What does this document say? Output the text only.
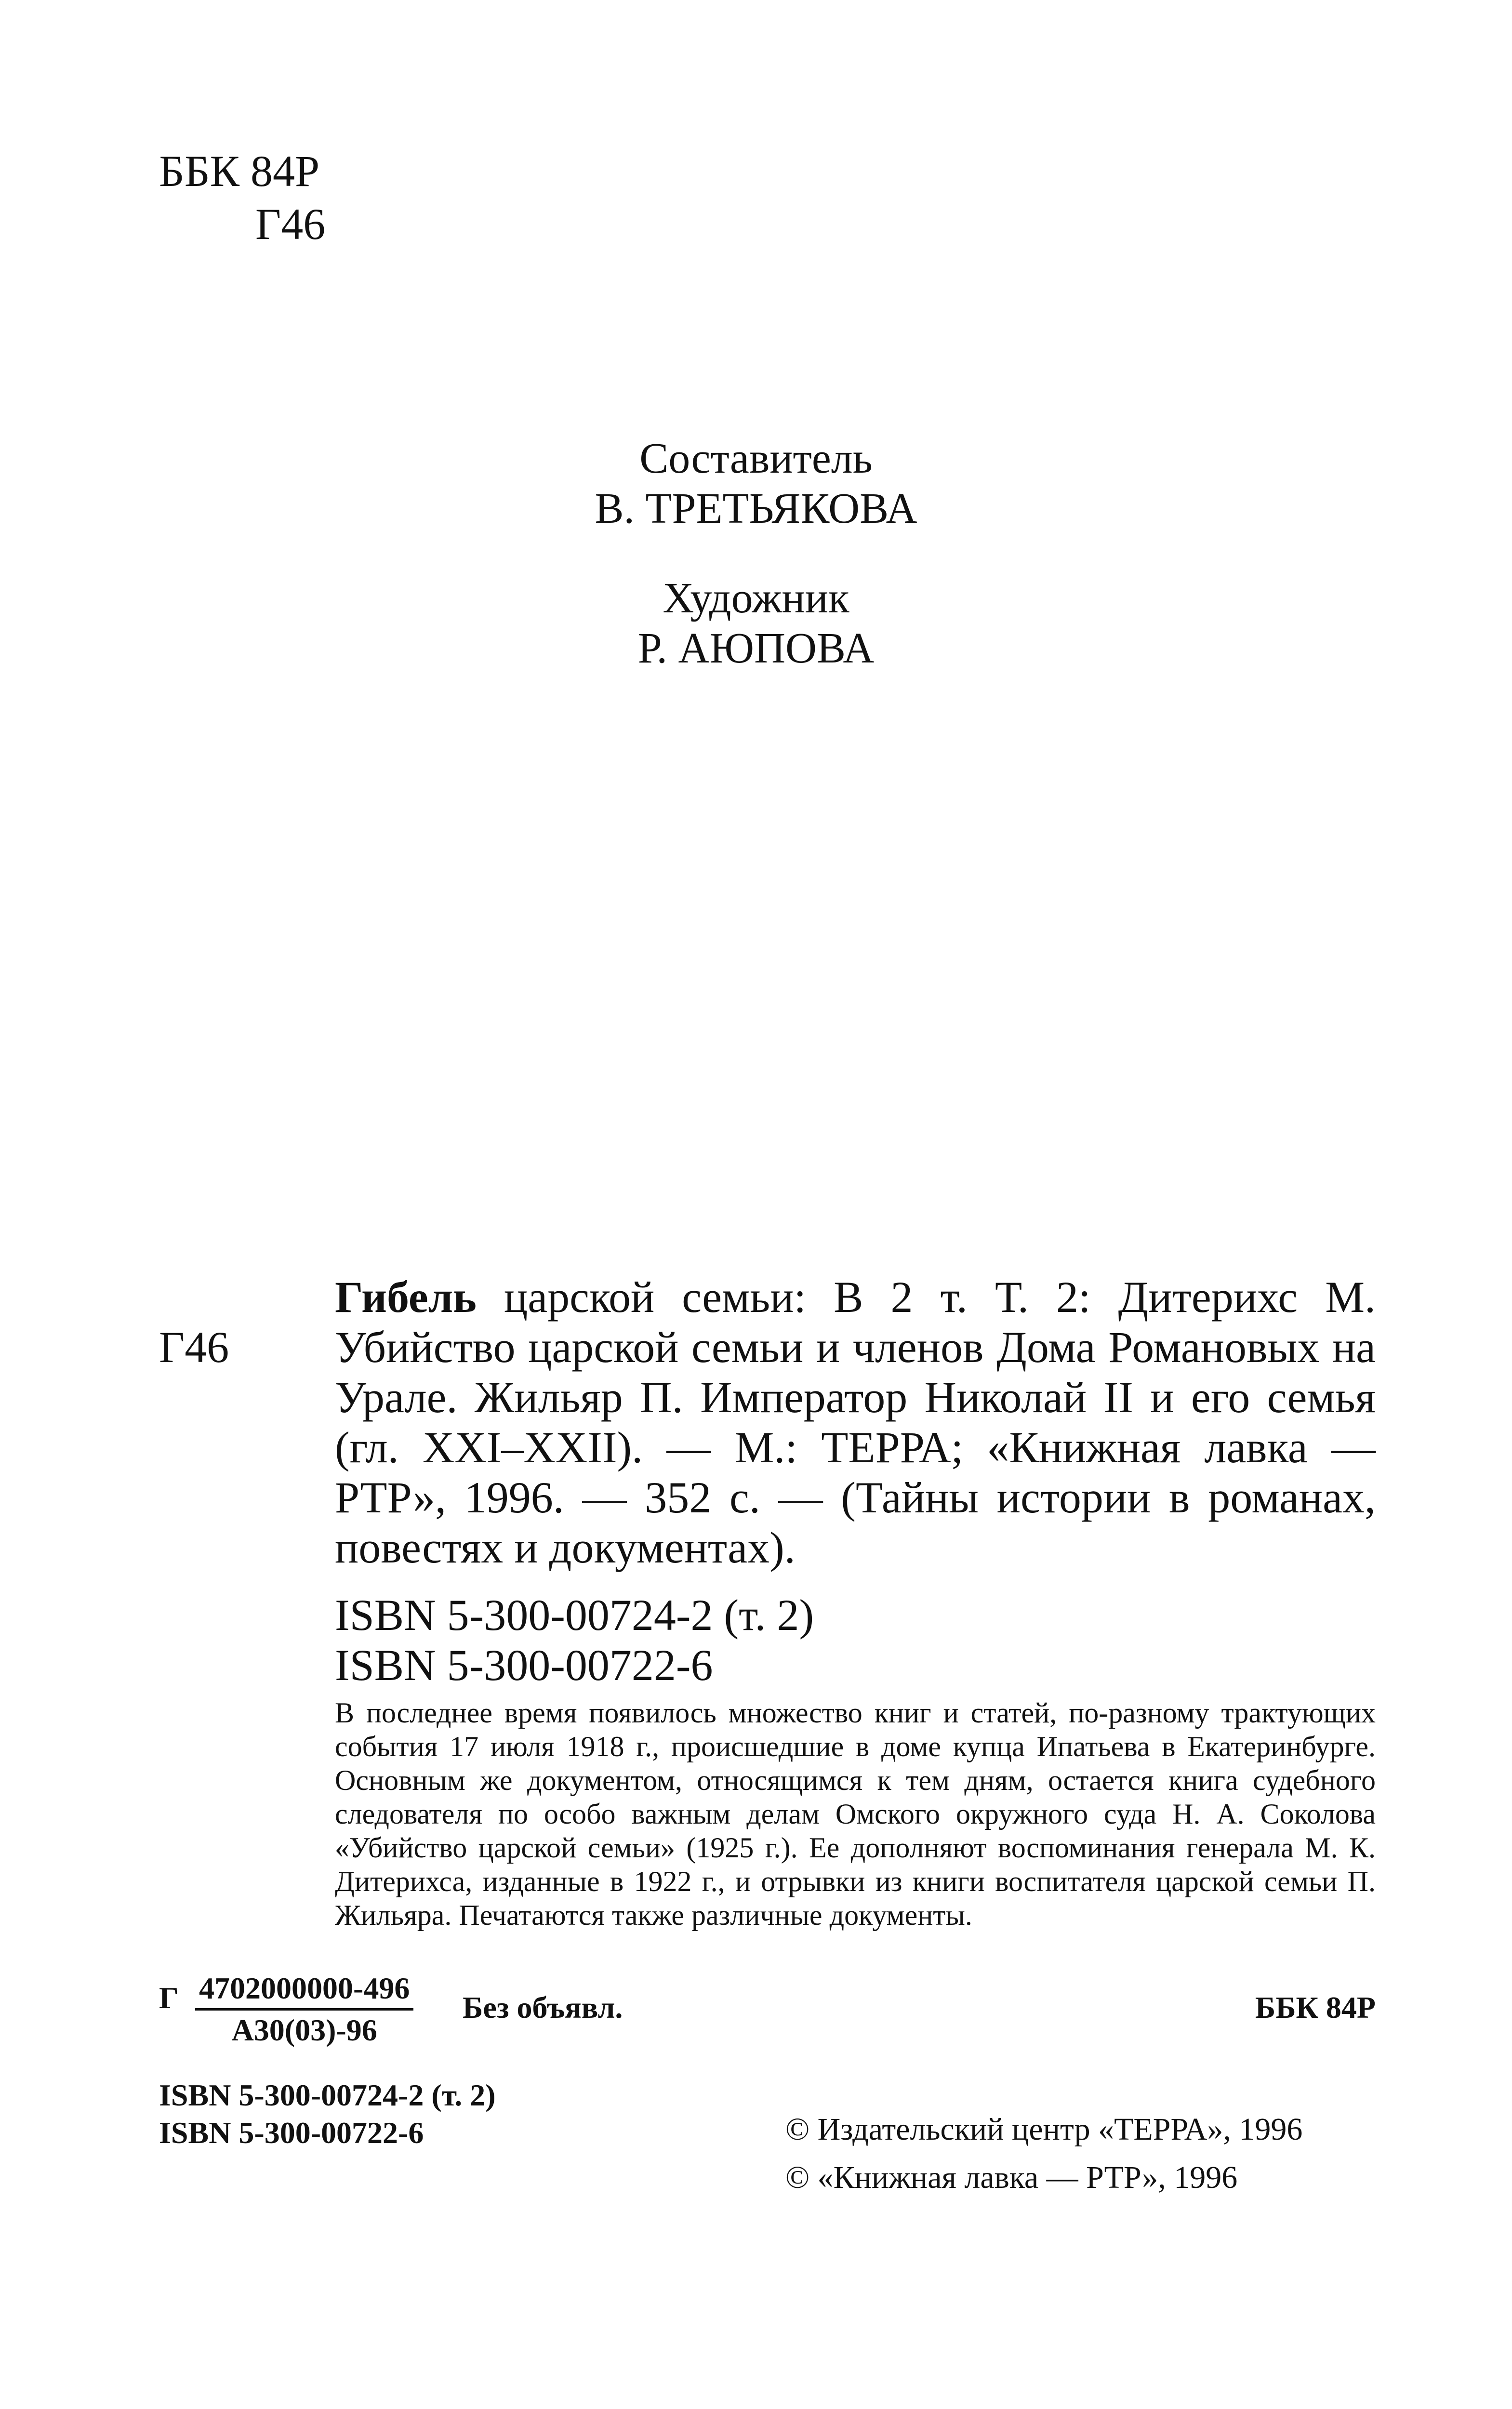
ББК 84Р
Г46
Составитель
В. ТРЕТЬЯКОВА
Художник
Р. АЮПОВА
Г46
Гибель царской семьи: В 2 т. Т. 2: Дитерихс М. Убийство царской семьи и членов Дома Романовых на Урале. Жильяр П. Император Николай II и его семья (гл. XXI–XXII). — М.: ТЕРРА; «Книжная лавка — РТР», 1996. — 352 с. — (Тайны истории в романах, повестях и документах).
ISBN 5-300-00724-2 (т. 2)
ISBN 5-300-00722-6
В последнее время появилось множество книг и статей, по-разному трактующих события 17 июля 1918 г., происшедшие в доме купца Ипатьева в Екатеринбурге. Основным же документом, относящимся к тем дням, остается книга судебного следователя по особо важным делам Омского окружного суда Н. А. Соколова «Убийство царской семьи» (1925 г.). Ее дополняют воспоминания генерала М. К. Дитерихса, изданные в 1922 г., и отрывки из книги воспитателя царской семьи П. Жильяра. Печатаются также различные документы.
Г 4702000000-496
А30(03)-96
Без объявл.	ББК 84Р
ISBN 5-300-00724-2 (т. 2)
ISBN 5-300-00722-6	© Издательский центр «ТЕРРА», 1996
© «Книжная лавка — РТР», 1996
